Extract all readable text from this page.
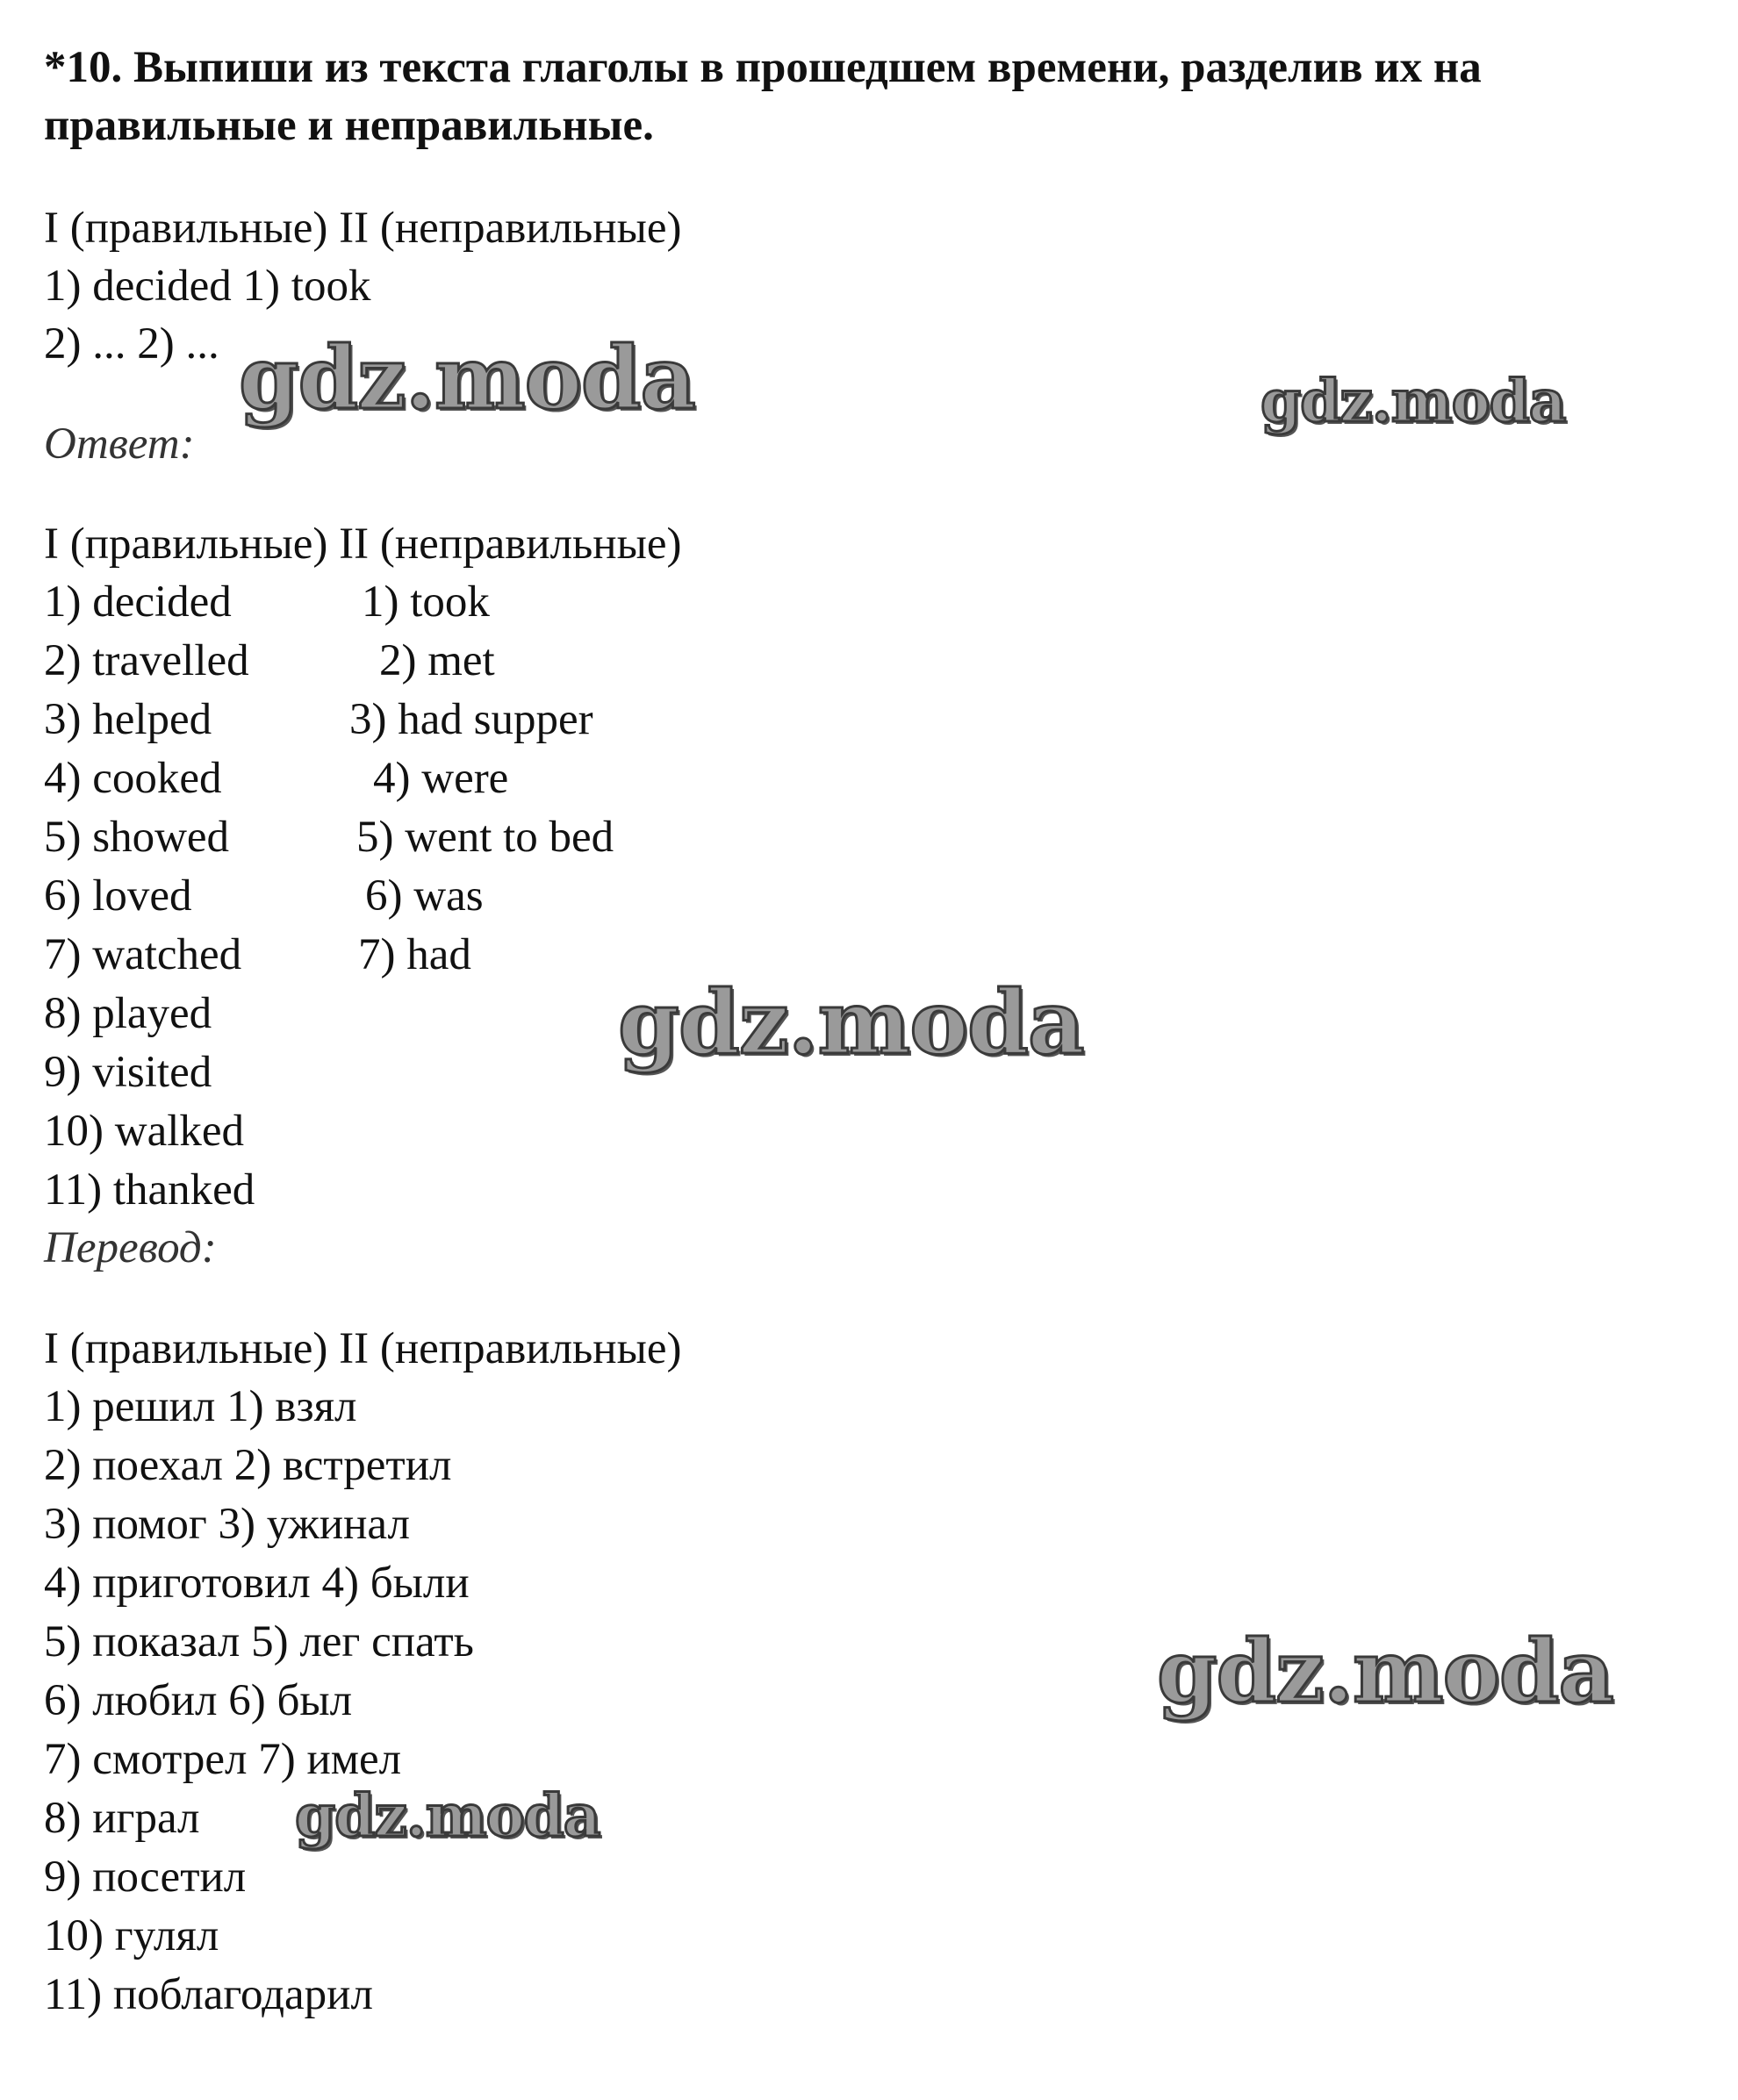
*10. Выпиши из текста глаголы в прошедшем времени, разделив их на правильные и неправильные.
I (правильные) II (неправильные)
1) decided 1) took
2) ... 2) ...
Ответ:
I (правильные) II (неправильные)
1) decided
2) travelled
3) helped
4) cooked
5) showed
6) loved
7) watched
8) played
9) visited
10) walked
11) thanked
1) took
2) met
3) had supper
4) were
5) went to bed
6) was
7) had
Перевод:
I (правильные) II (неправильные)
1) решил 1) взял
2) поехал 2) встретил
3) помог 3) ужинал
4) приготовил 4) были
5) показал 5) лег спать
6) любил 6) был
7) смотрел 7) имел
8) играл
9) посетил
10) гулял
11) поблагодарил
gdz.moda	gdz.moda
gdz.moda
gdz.moda
gdz.moda
